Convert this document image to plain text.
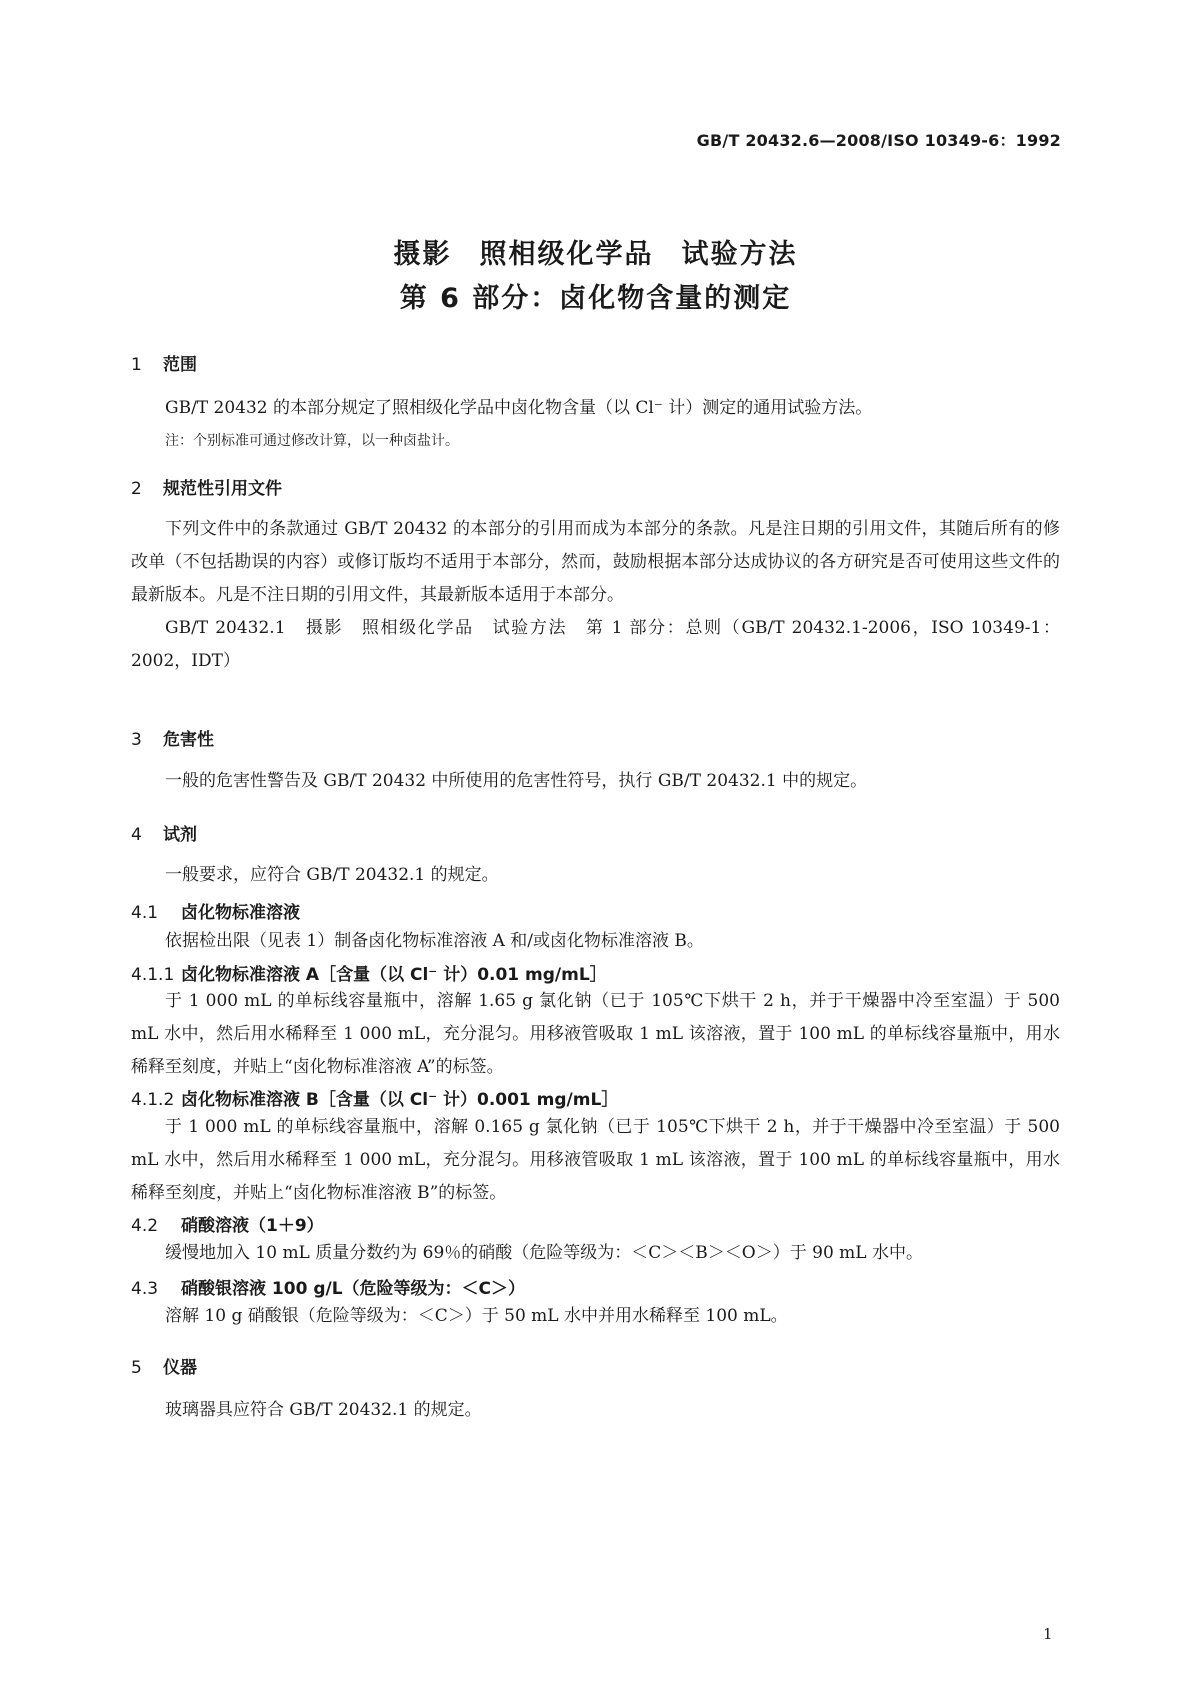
GB/T 20432.6—2008/ISO 10349-6：1992
摄影 照相级化学品 试验方法
第 6 部分：卤化物含量的测定
1 范围

GB/T 20432 的本部分规定了照相级化学品中卤化物含量（以 Cl⁻ 计）测定的通用试验方法。

注：个别标准可通过修改计算，以一种卤盐计。

2 规范性引用文件

下列文件中的条款通过 GB/T 20432 的本部分的引用而成为本部分的条款。凡是注日期的引用文件，其随后所有的修改单（不包括勘误的内容）或修订版均不适用于本部分，然而，鼓励根据本部分达成协议的各方研究是否可使用这些文件的最新版本。凡是不注日期的引用文件，其最新版本适用于本部分。

GB/T 20432.1　摄影　照相级化学品　试验方法　第 1 部分：总则（GB/T 20432.1-2006，ISO 10349-1：2002，IDT）

3 危害性

一般的危害性警告及 GB/T 20432 中所使用的危害性符号，执行 GB/T 20432.1 中的规定。

4 试剂

一般要求，应符合 GB/T 20432.1 的规定。

4.1 卤化物标准溶液

依据检出限（见表 1）制备卤化物标准溶液 A 和/或卤化物标准溶液 B。

4.1.1 卤化物标准溶液 A［含量（以 Cl⁻ 计）0.01 mg/mL］

于 1 000 mL 的单标线容量瓶中，溶解 1.65 g 氯化钠（已于 105℃下烘干 2 h，并于干燥器中冷至室温）于 500 mL 水中，然后用水稀释至 1 000 mL，充分混匀。用移液管吸取 1 mL 该溶液，置于 100 mL 的单标线容量瓶中，用水稀释至刻度，并贴上“卤化物标准溶液 A”的标签。

4.1.2 卤化物标准溶液 B［含量（以 Cl⁻ 计）0.001 mg/mL］

于 1 000 mL 的单标线容量瓶中，溶解 0.165 g 氯化钠（已于 105℃下烘干 2 h，并于干燥器中冷至室温）于 500 mL 水中，然后用水稀释至 1 000 mL，充分混匀。用移液管吸取 1 mL 该溶液，置于 100 mL 的单标线容量瓶中，用水稀释至刻度，并贴上“卤化物标准溶液 B”的标签。

4.2 硝酸溶液（1＋9）

缓慢地加入 10 mL 质量分数约为 69％的硝酸（危险等级为：＜C＞＜B＞＜O＞）于 90 mL 水中。

4.3 硝酸银溶液 100 g/L（危险等级为：＜C＞）

溶解 10 g 硝酸银（危险等级为：＜C＞）于 50 mL 水中并用水稀释至 100 mL。

5 仪器

玻璃器具应符合 GB/T 20432.1 的规定。

1
